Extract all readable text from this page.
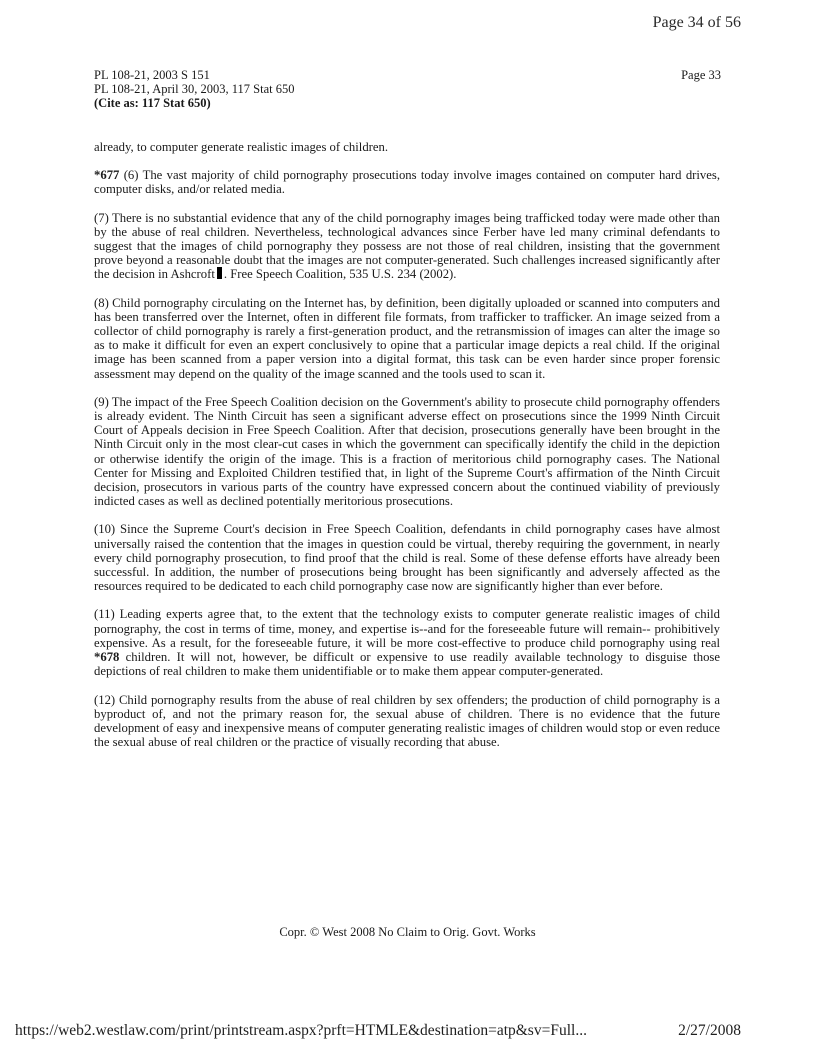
Page 34 of 56
PL 108-21, 2003 S 151
PL 108-21, April 30, 2003, 117 Stat 650
(Cite as: 117 Stat 650)
Page 33

already, to computer generate realistic images of children.

*677 (6) The vast majority of child pornography prosecutions today involve images contained on computer hard drives, computer disks, and/or related media.

(7) There is no substantial evidence that any of the child pornography images being trafficked today were made other than by the abuse of real children. Nevertheless, technological advances since Ferber have led many criminal defendants to suggest that the images of child pornography they possess are not those of real children, insisting that the government prove beyond a reasonable doubt that the images are not computer-generated. Such challenges increased significantly after the decision in Ashcroft . Free Speech Coalition, 535 U.S. 234 (2002).

(8) Child pornography circulating on the Internet has, by definition, been digitally uploaded or scanned into computers and has been transferred over the Internet, often in different file formats, from trafficker to trafficker. An image seized from a collector of child pornography is rarely a first-generation product, and the retransmission of images can alter the image so as to make it difficult for even an expert conclusively to opine that a particular image depicts a real child. If the original image has been scanned from a paper version into a digital format, this task can be even harder since proper forensic assessment may depend on the quality of the image scanned and the tools used to scan it.

(9) The impact of the Free Speech Coalition decision on the Government's ability to prosecute child pornography offenders is already evident. The Ninth Circuit has seen a significant adverse effect on prosecutions since the 1999 Ninth Circuit Court of Appeals decision in Free Speech Coalition. After that decision, prosecutions generally have been brought in the Ninth Circuit only in the most clear-cut cases in which the government can specifically identify the child in the depiction or otherwise identify the origin of the image. This is a fraction of meritorious child pornography cases. The National Center for Missing and Exploited Children testified that, in light of the Supreme Court's affirmation of the Ninth Circuit decision, prosecutors in various parts of the country have expressed concern about the continued viability of previously indicted cases as well as declined potentially meritorious prosecutions.

(10) Since the Supreme Court's decision in Free Speech Coalition, defendants in child pornography cases have almost universally raised the contention that the images in question could be virtual, thereby requiring the government, in nearly every child pornography prosecution, to find proof that the child is real. Some of these defense efforts have already been successful. In addition, the number of prosecutions being brought has been significantly and adversely affected as the resources required to be dedicated to each child pornography case now are significantly higher than ever before.

(11) Leading experts agree that, to the extent that the technology exists to computer generate realistic images of child pornography, the cost in terms of time, money, and expertise is--and for the foreseeable future will remain-- prohibitively expensive. As a result, for the foreseeable future, it will be more cost-effective to produce child pornography using real *678 children. It will not, however, be difficult or expensive to use readily available technology to disguise those depictions of real children to make them unidentifiable or to make them appear computer-generated.

(12) Child pornography results from the abuse of real children by sex offenders; the production of child pornography is a byproduct of, and not the primary reason for, the sexual abuse of children. There is no evidence that the future development of easy and inexpensive means of computer generating realistic images of children would stop or even reduce the sexual abuse of real children or the practice of visually recording that abuse.

Copr. © West 2008 No Claim to Orig. Govt. Works
https://web2.westlaw.com/print/printstream.aspx?prft=HTMLE&destination=atp&sv=Full...	2/27/2008
